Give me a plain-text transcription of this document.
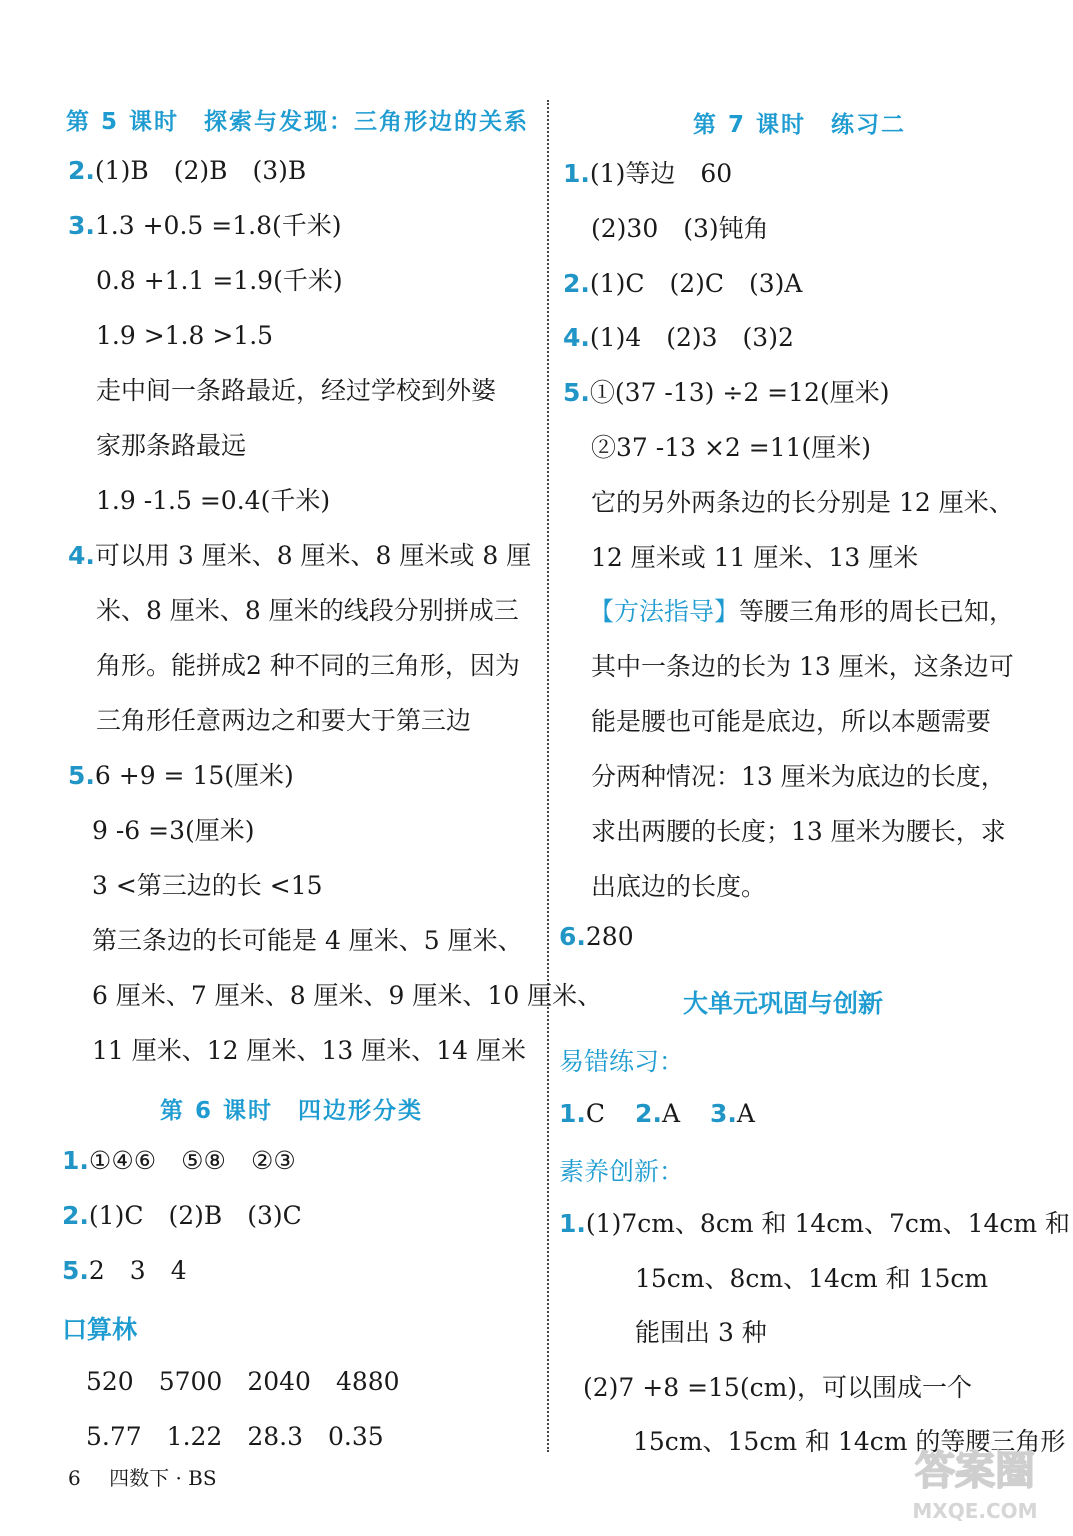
第 5 课时　探索与发现：三角形边的关系
2.(1)B　(2)B　(3)B
3.1.3 +0.5 =1.8(千米)
0.8 +1.1 =1.9(千米)
1.9 >1.8 >1.5
走中间一条路最近，经过学校到外婆
家那条路最远
1.9 -1.5 =0.4(千米)
4.可以用 3 厘米、8 厘米、8 厘米或 8 厘
米、8 厘米、8 厘米的线段分别拼成三
角形。能拼成2 种不同的三角形，因为
三角形任意两边之和要大于第三边
5.6 +9 = 15(厘米)
9 -6 =3(厘米)
3 <第三边的长 <15
第三条边的长可能是 4 厘米、5 厘米、
6 厘米、7 厘米、8 厘米、9 厘米、10 厘米、
11 厘米、12 厘米、13 厘米、14 厘米
第 6 课时　四边形分类
1.①④⑥　⑤⑧　②③
2.(1)C　(2)B　(3)C
5.2　3　4
口算林
520　5700　2040　4880
5.77　1.22　28.3　0.35
第 7 课时　练习二
1.(1)等边　60
(2)30　(3)钝角
2.(1)C　(2)C　(3)A
4.(1)4　(2)3　(3)2
5.①(37 -13) ÷2 =12(厘米)
②37 -13 ×2 =11(厘米)
它的另外两条边的长分别是 12 厘米、
12 厘米或 11 厘米、13 厘米
【方法指导】等腰三角形的周长已知，
其中一条边的长为 13 厘米，这条边可
能是腰也可能是底边，所以本题需要
分两种情况：13 厘米为底边的长度，
求出两腰的长度；13 厘米为腰长，求
出底边的长度。
6.280
大单元巩固与创新
易错练习：
1.C 2.A 3.A
素养创新：
1.(1)7cm、8cm 和 14cm、7cm、14cm 和
15cm、8cm、14cm 和 15cm
能围出 3 种
(2)7 +8 =15(cm)，可以围成一个
15cm、15cm 和 14cm 的等腰三角形
6 四数下 · BS	答案圈
MXQE.COM
